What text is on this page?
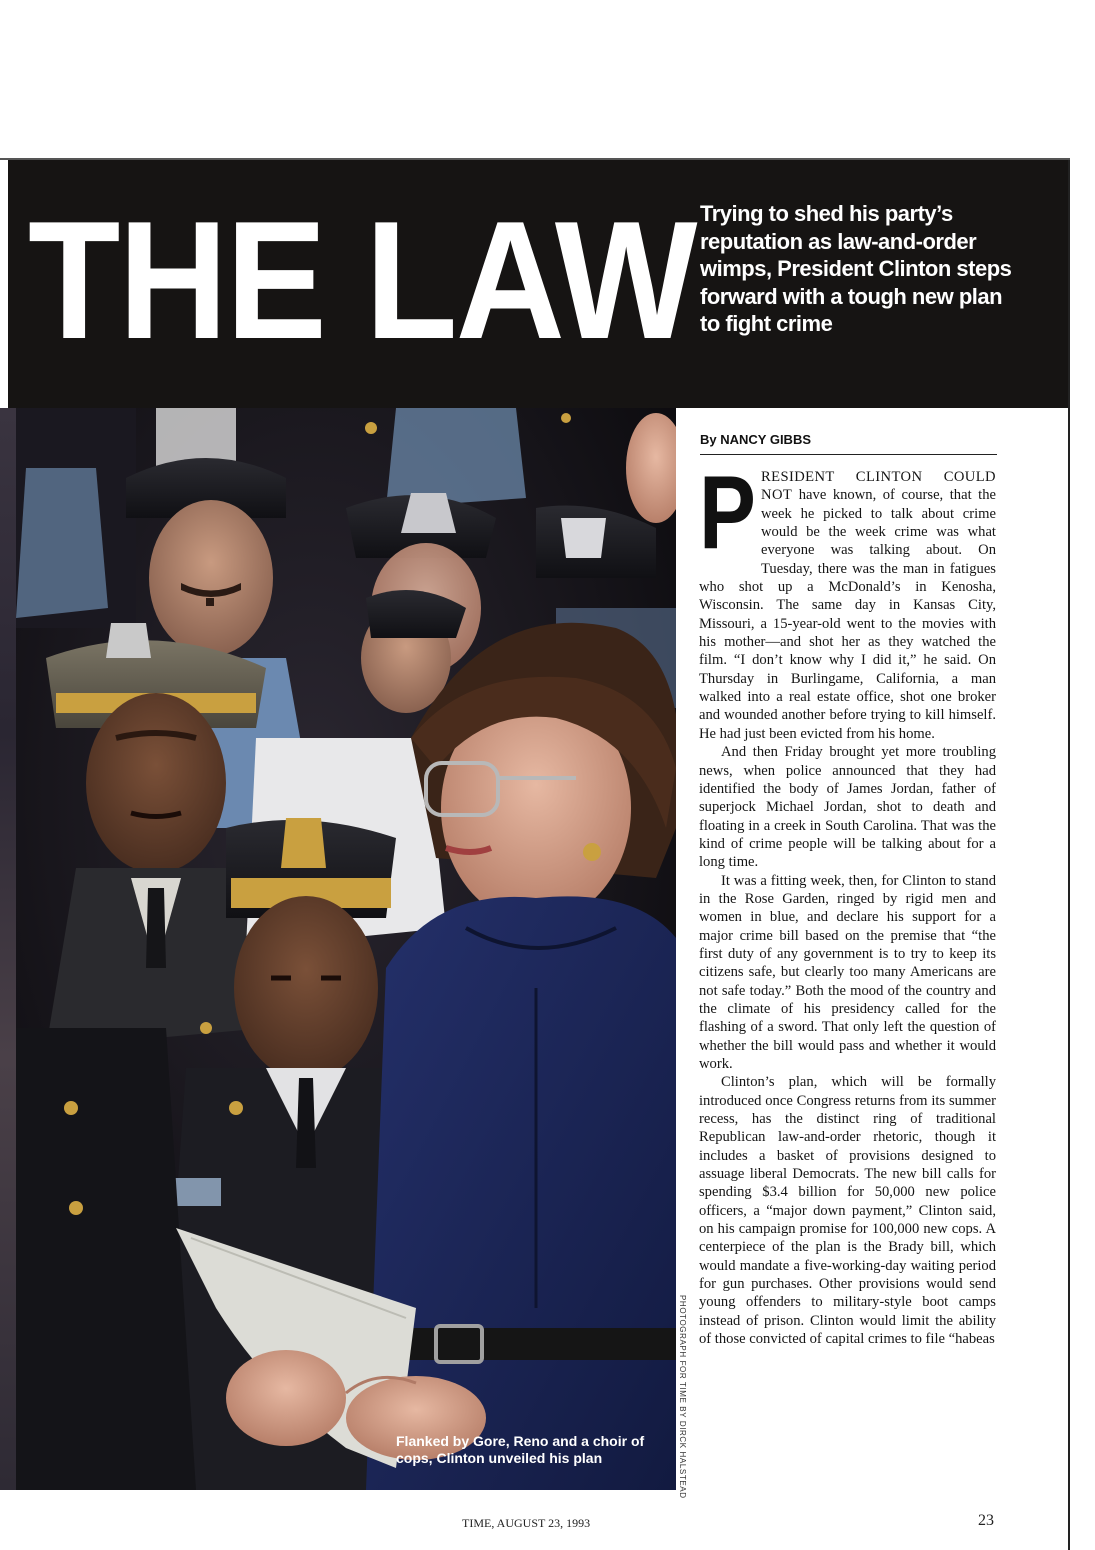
THE LAW Trying to shed his party’s reputation as law-and-order wimps, President Clinton steps forward with a tough new plan to fight crime

Flanked by Gore, Reno and a choir of cops, Clinton unveiled his plan	PHOTOGRAPH FOR TIME BY DIRCK HALSTEAD

By NANCY GIBBS

PRESIDENT CLINTON COULD NOT have known, of course, that the week he picked to talk about crime would be the week crime was what everyone was talking about. On Tuesday, there was the man in fatigues who shot up a McDonald’s in Kenosha, Wisconsin. The same day in Kansas City, Missouri, a 15-year-old went to the movies with his mother—and shot her as they watched the film. “I don’t know why I did it,” he said. On Thursday in Burlingame, California, a man walked into a real estate office, shot one broker and wounded another before trying to kill himself. He had just been evicted from his home.

And then Friday brought yet more troubling news, when police announced that they had identified the body of James Jordan, father of superjock Michael Jordan, shot to death and floating in a creek in South Carolina. That was the kind of crime people will be talking about for a long time.

It was a fitting week, then, for Clinton to stand in the Rose Garden, ringed by rigid men and women in blue, and declare his support for a major crime bill based on the premise that “the first duty of any government is to try to keep its citizens safe, but clearly too many Americans are not safe today.” Both the mood of the country and the climate of his presidency called for the flashing of a sword. That only left the question of whether the bill would pass and whether it would work.

Clinton’s plan, which will be formally introduced once Congress returns from its summer recess, has the distinct ring of traditional Republican law-and-order rhetoric, though it includes a basket of provisions designed to assuage liberal Democrats. The new bill calls for spending $3.4 billion for 50,000 new police officers, a “major down payment,” Clinton said, on his campaign promise for 100,000 new cops. A centerpiece of the plan is the Brady bill, which would mandate a five-working-day waiting period for gun purchases. Other provisions would send young offenders to military-style boot camps instead of prison. Clinton would limit the ability of those convicted of capital crimes to file “habeas

TIME, AUGUST 23, 1993	23
